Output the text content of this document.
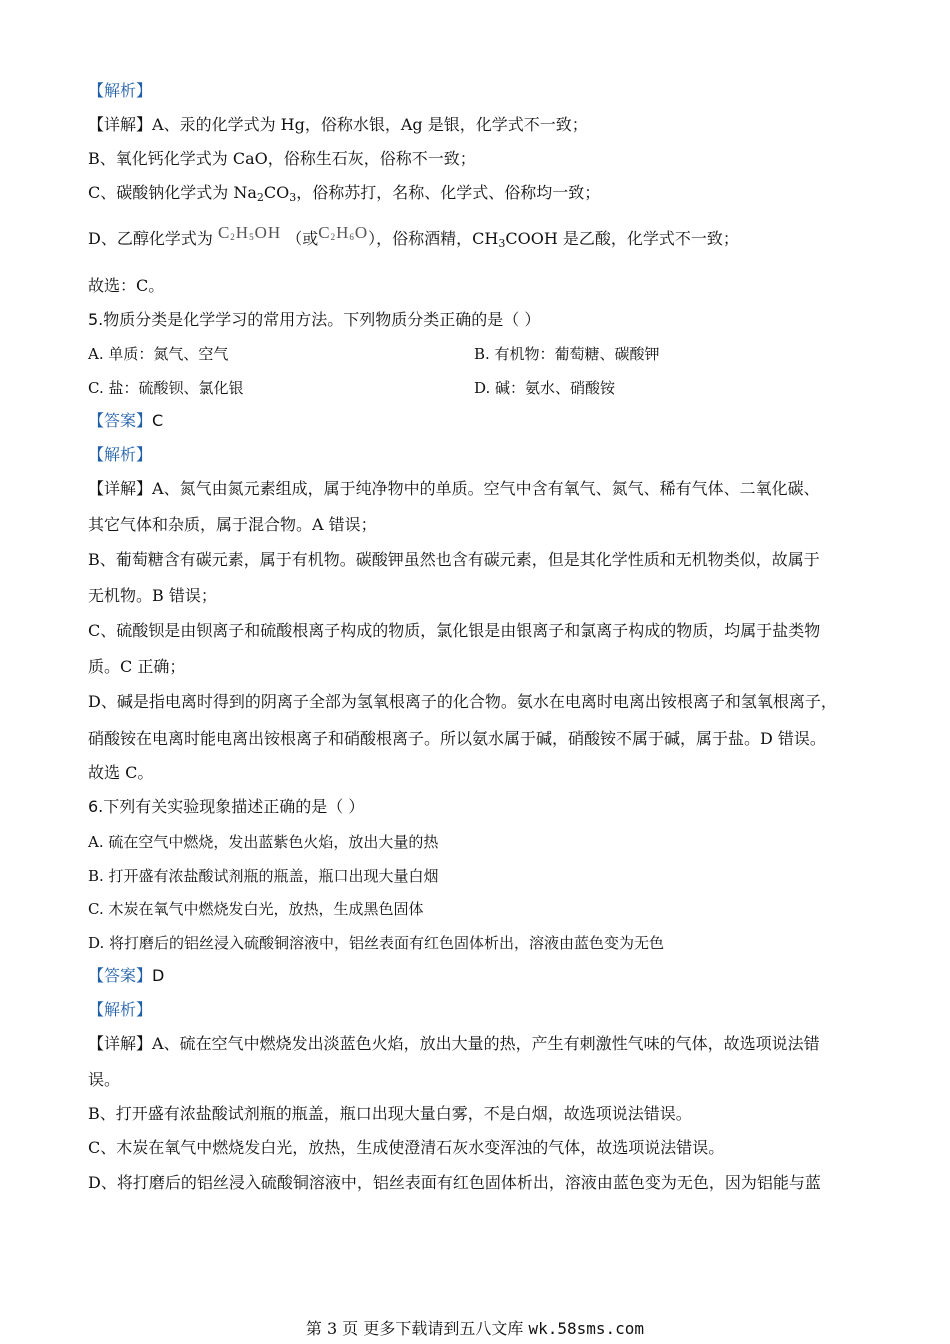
【解析】
【详解】A、汞的化学式为 Hg，俗称水银，Ag 是银，化学式不一致；
B、氧化钙化学式为 CaO，俗称生石灰，俗称不一致；
C、碳酸钠化学式为 $Na_2CO_3$，俗称苏打，名称、化学式、俗称均一致；
D、乙醇化学式为 $C_2H_5OH$ （或$C_2H_6O$），俗称酒精，$CH_3COOH$ 是乙酸，化学式不一致；
故选：C。
5.物质分类是化学学习的常用方法。下列物质分类正确的是（ ）
A. 单质：氮气、空气	B. 有机物：葡萄糖、碳酸钾
C. 盐：硫酸钡、氯化银	D. 碱：氨水、硝酸铵
【答案】C
【解析】
【详解】A、氮气由氮元素组成，属于纯净物中的单质。空气中含有氧气、氮气、稀有气体、二氧化碳、
其它气体和杂质，属于混合物。A 错误；
B、葡萄糖含有碳元素，属于有机物。碳酸钾虽然也含有碳元素，但是其化学性质和无机物类似，故属于
无机物。B 错误；
C、硫酸钡是由钡离子和硫酸根离子构成的物质，氯化银是由银离子和氯离子构成的物质，均属于盐类物
质。C 正确；
D、碱是指电离时得到的阴离子全部为氢氧根离子的化合物。氨水在电离时电离出铵根离子和氢氧根离子，
硝酸铵在电离时能电离出铵根离子和硝酸根离子。所以氨水属于碱，硝酸铵不属于碱，属于盐。D 错误。
故选 C。
6.下列有关实验现象描述正确的是（ ）
A. 硫在空气中燃烧，发出蓝紫色火焰，放出大量的热
B. 打开盛有浓盐酸试剂瓶的瓶盖，瓶口出现大量白烟
C. 木炭在氧气中燃烧发白光，放热，生成黑色固体
D. 将打磨后的铝丝浸入硫酸铜溶液中，铝丝表面有红色固体析出，溶液由蓝色变为无色
【答案】D
【解析】
【详解】A、硫在空气中燃烧发出淡蓝色火焰，放出大量的热，产生有刺激性气味的气体，故选项说法错
误。
B、打开盛有浓盐酸试剂瓶的瓶盖，瓶口出现大量白雾，不是白烟，故选项说法错误。
C、木炭在氧气中燃烧发白光，放热，生成使澄清石灰水变浑浊的气体，故选项说法错误。
D、将打磨后的铝丝浸入硫酸铜溶液中，铝丝表面有红色固体析出，溶液由蓝色变为无色，因为铝能与蓝
第 3 页 更多下载请到五八文库 wk.58sms.com
